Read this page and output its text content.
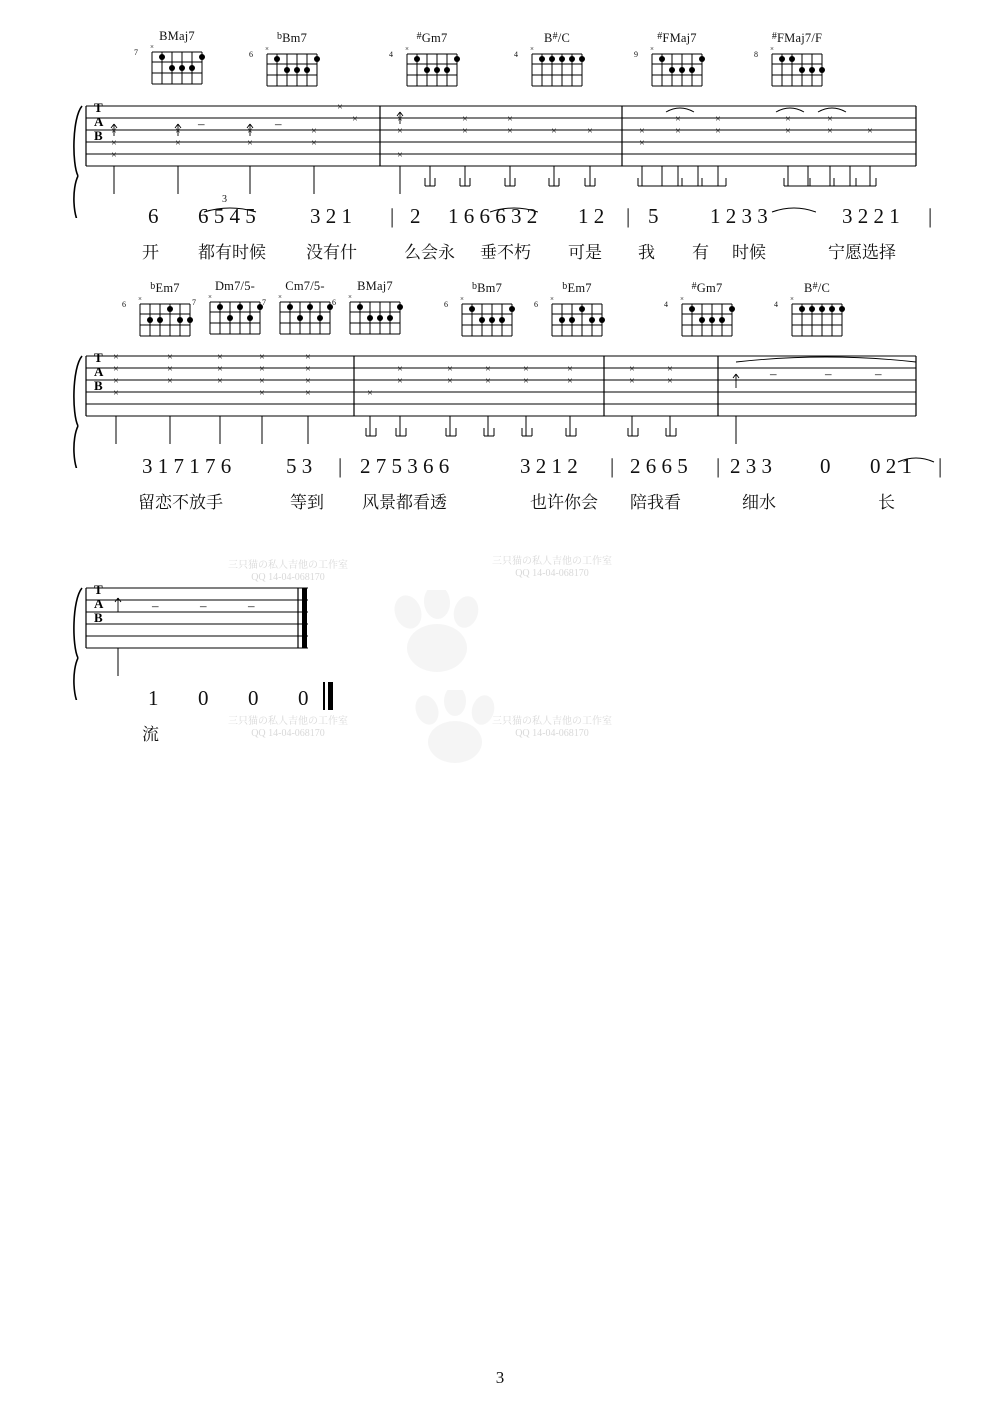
三只猫の私人吉他の工作室
QQ 14-04-068170
三只猫の私人吉他の工作室
QQ 14-04-068170
三只猫の私人吉他の工作室
QQ 14-04-068170
三只猫の私人吉他の工作室
QQ 14-04-068170
BMaj7
7
×
$^b$Bm7
6
×
#Gm7
4
×
B#/C
4
×
#FMaj7
9
×
#FMaj7/F
8
×
T
A
B ×
×
×
×	×
×	×
×
×
×
×
–	–	×	×	×
×	×	×	×	×
×
×
×	×
×
×	×
×	×
×
×	×
3
6 6 5 4 5	3 2 1 | 2 1 6 6 6 3 2 1 2 | 5 1 2 3 3	3 2 2 1 |
开 都有时候 没有什	么会永 垂不朽 可是 我 有 时候	宁愿选择
$^b$Em7
6
×
Dm7/5-
7
×
Cm7/5-
7
×
BMaj7
6
×
$^b$Bm7
6
×
$^b$Em7
6
×
#Gm7
4
×
B#/C
4
×
T
A
B
×	×	×	×	×
×	×	×	×	×
×	×	×	×	×
×	×	×	×
×	×	×	×	×
×	×	×	×	×	×	×
×	×
–	–	–
3 1 7 1 7 6	5 3 | 2 7 5 3 6 6	3 2 1 2 | 2 6 6 5 | 2 3 3 0 0 2 1 |
留恋不放手	等到 风景都看透	也许你会 陪我看	细水	长
T
A
B
–	–	–
1 0 0 0
流
3
